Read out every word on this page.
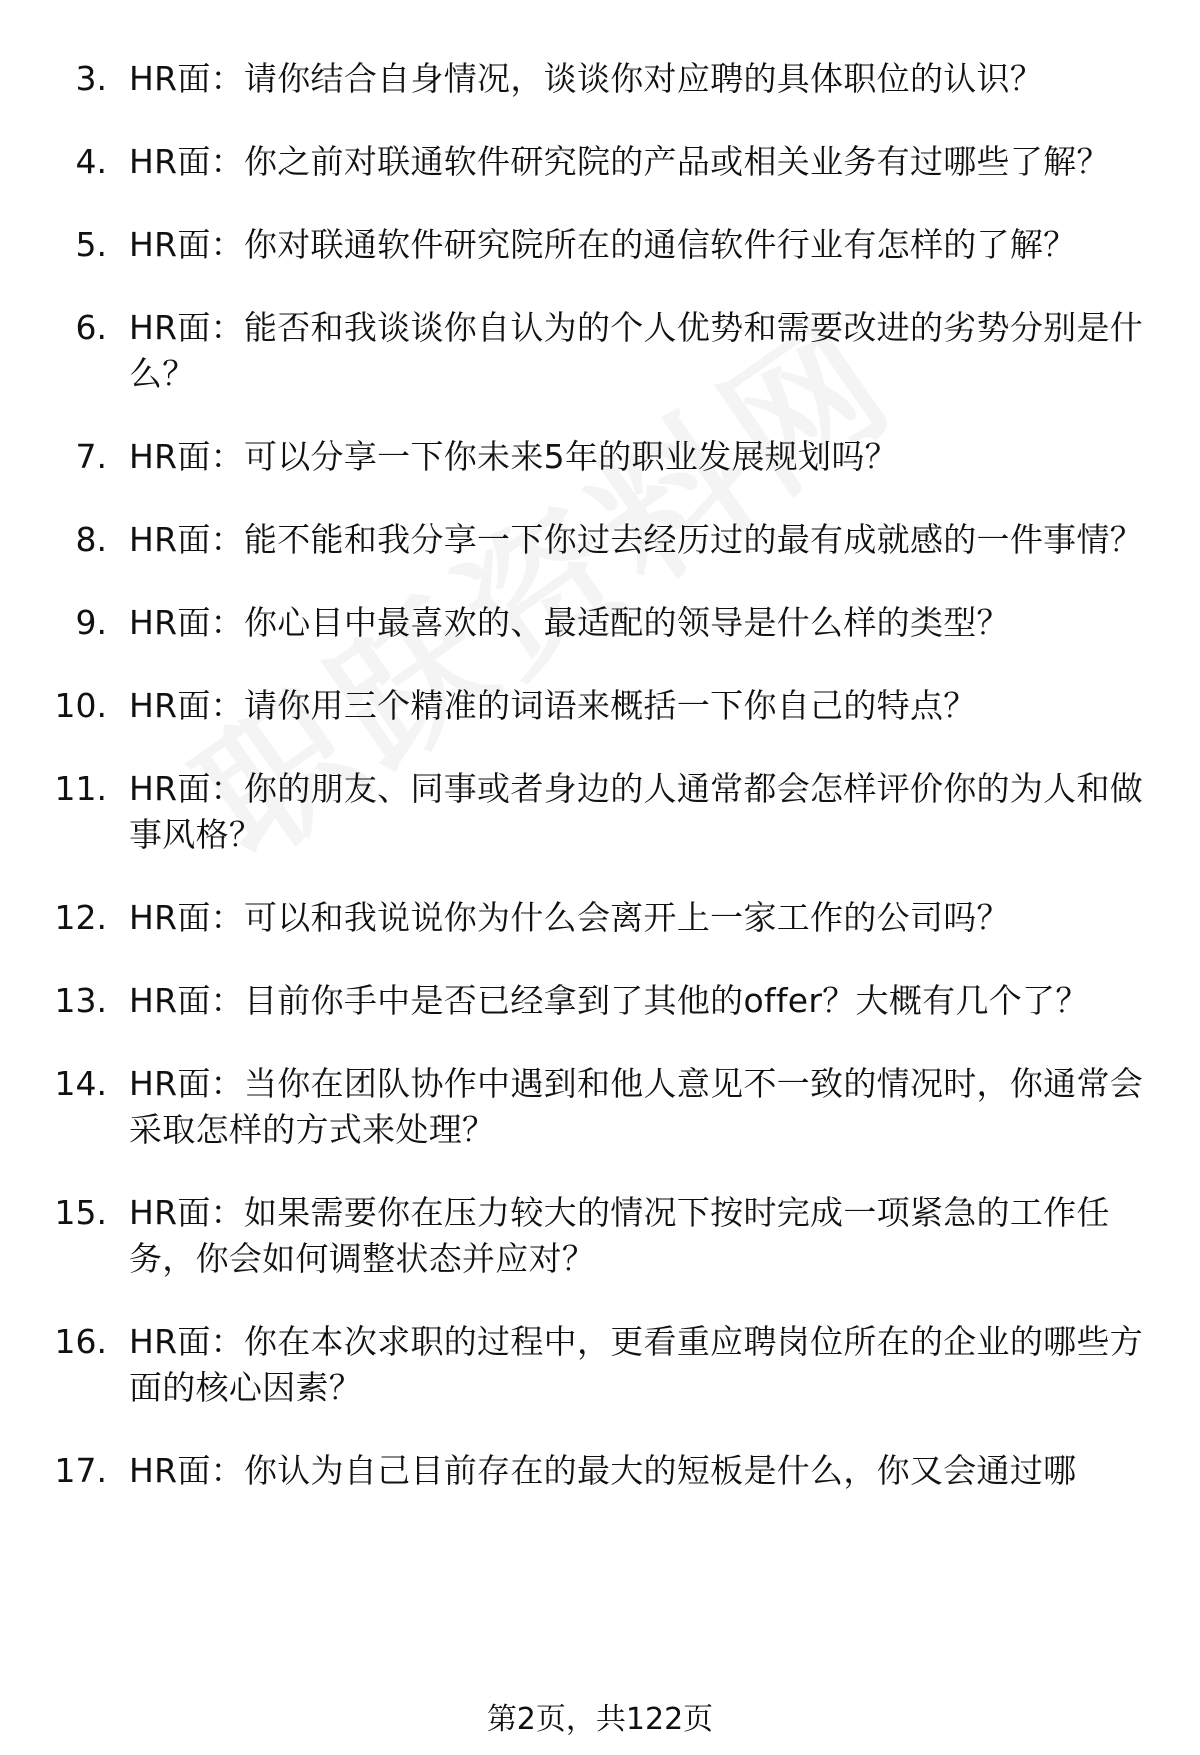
3. HR面：请你结合自身情况，谈谈你对应聘的具体职位的认识？
4. HR面：你之前对联通软件研究院的产品或相关业务有过哪些了解？
5. HR面：你对联通软件研究院所在的通信软件行业有怎样的了解？
6. HR面：能否和我谈谈你自认为的个人优势和需要改进的劣势分别是什么？
7. HR面：可以分享一下你未来5年的职业发展规划吗？
8. HR面：能不能和我分享一下你过去经历过的最有成就感的一件事情？
9. HR面：你心目中最喜欢的、最适配的领导是什么样的类型？
10. HR面：请你用三个精准的词语来概括一下你自己的特点？
11. HR面：你的朋友、同事或者身边的人通常都会怎样评价你的为人和做事风格？
12. HR面：可以和我说说你为什么会离开上一家工作的公司吗？
13. HR面：目前你手中是否已经拿到了其他的offer？大概有几个了？
14. HR面：当你在团队协作中遇到和他人意见不一致的情况时，你通常会采取怎样的方式来处理？
15. HR面：如果需要你在压力较大的情况下按时完成一项紧急的工作任务，你会如何调整状态并应对？
16. HR面：你在本次求职的过程中，更看重应聘岗位所在的企业的哪些方面的核心因素？
17. HR面：你认为自己目前存在的最大的短板是什么，你又会通过哪
第2页，共122页
